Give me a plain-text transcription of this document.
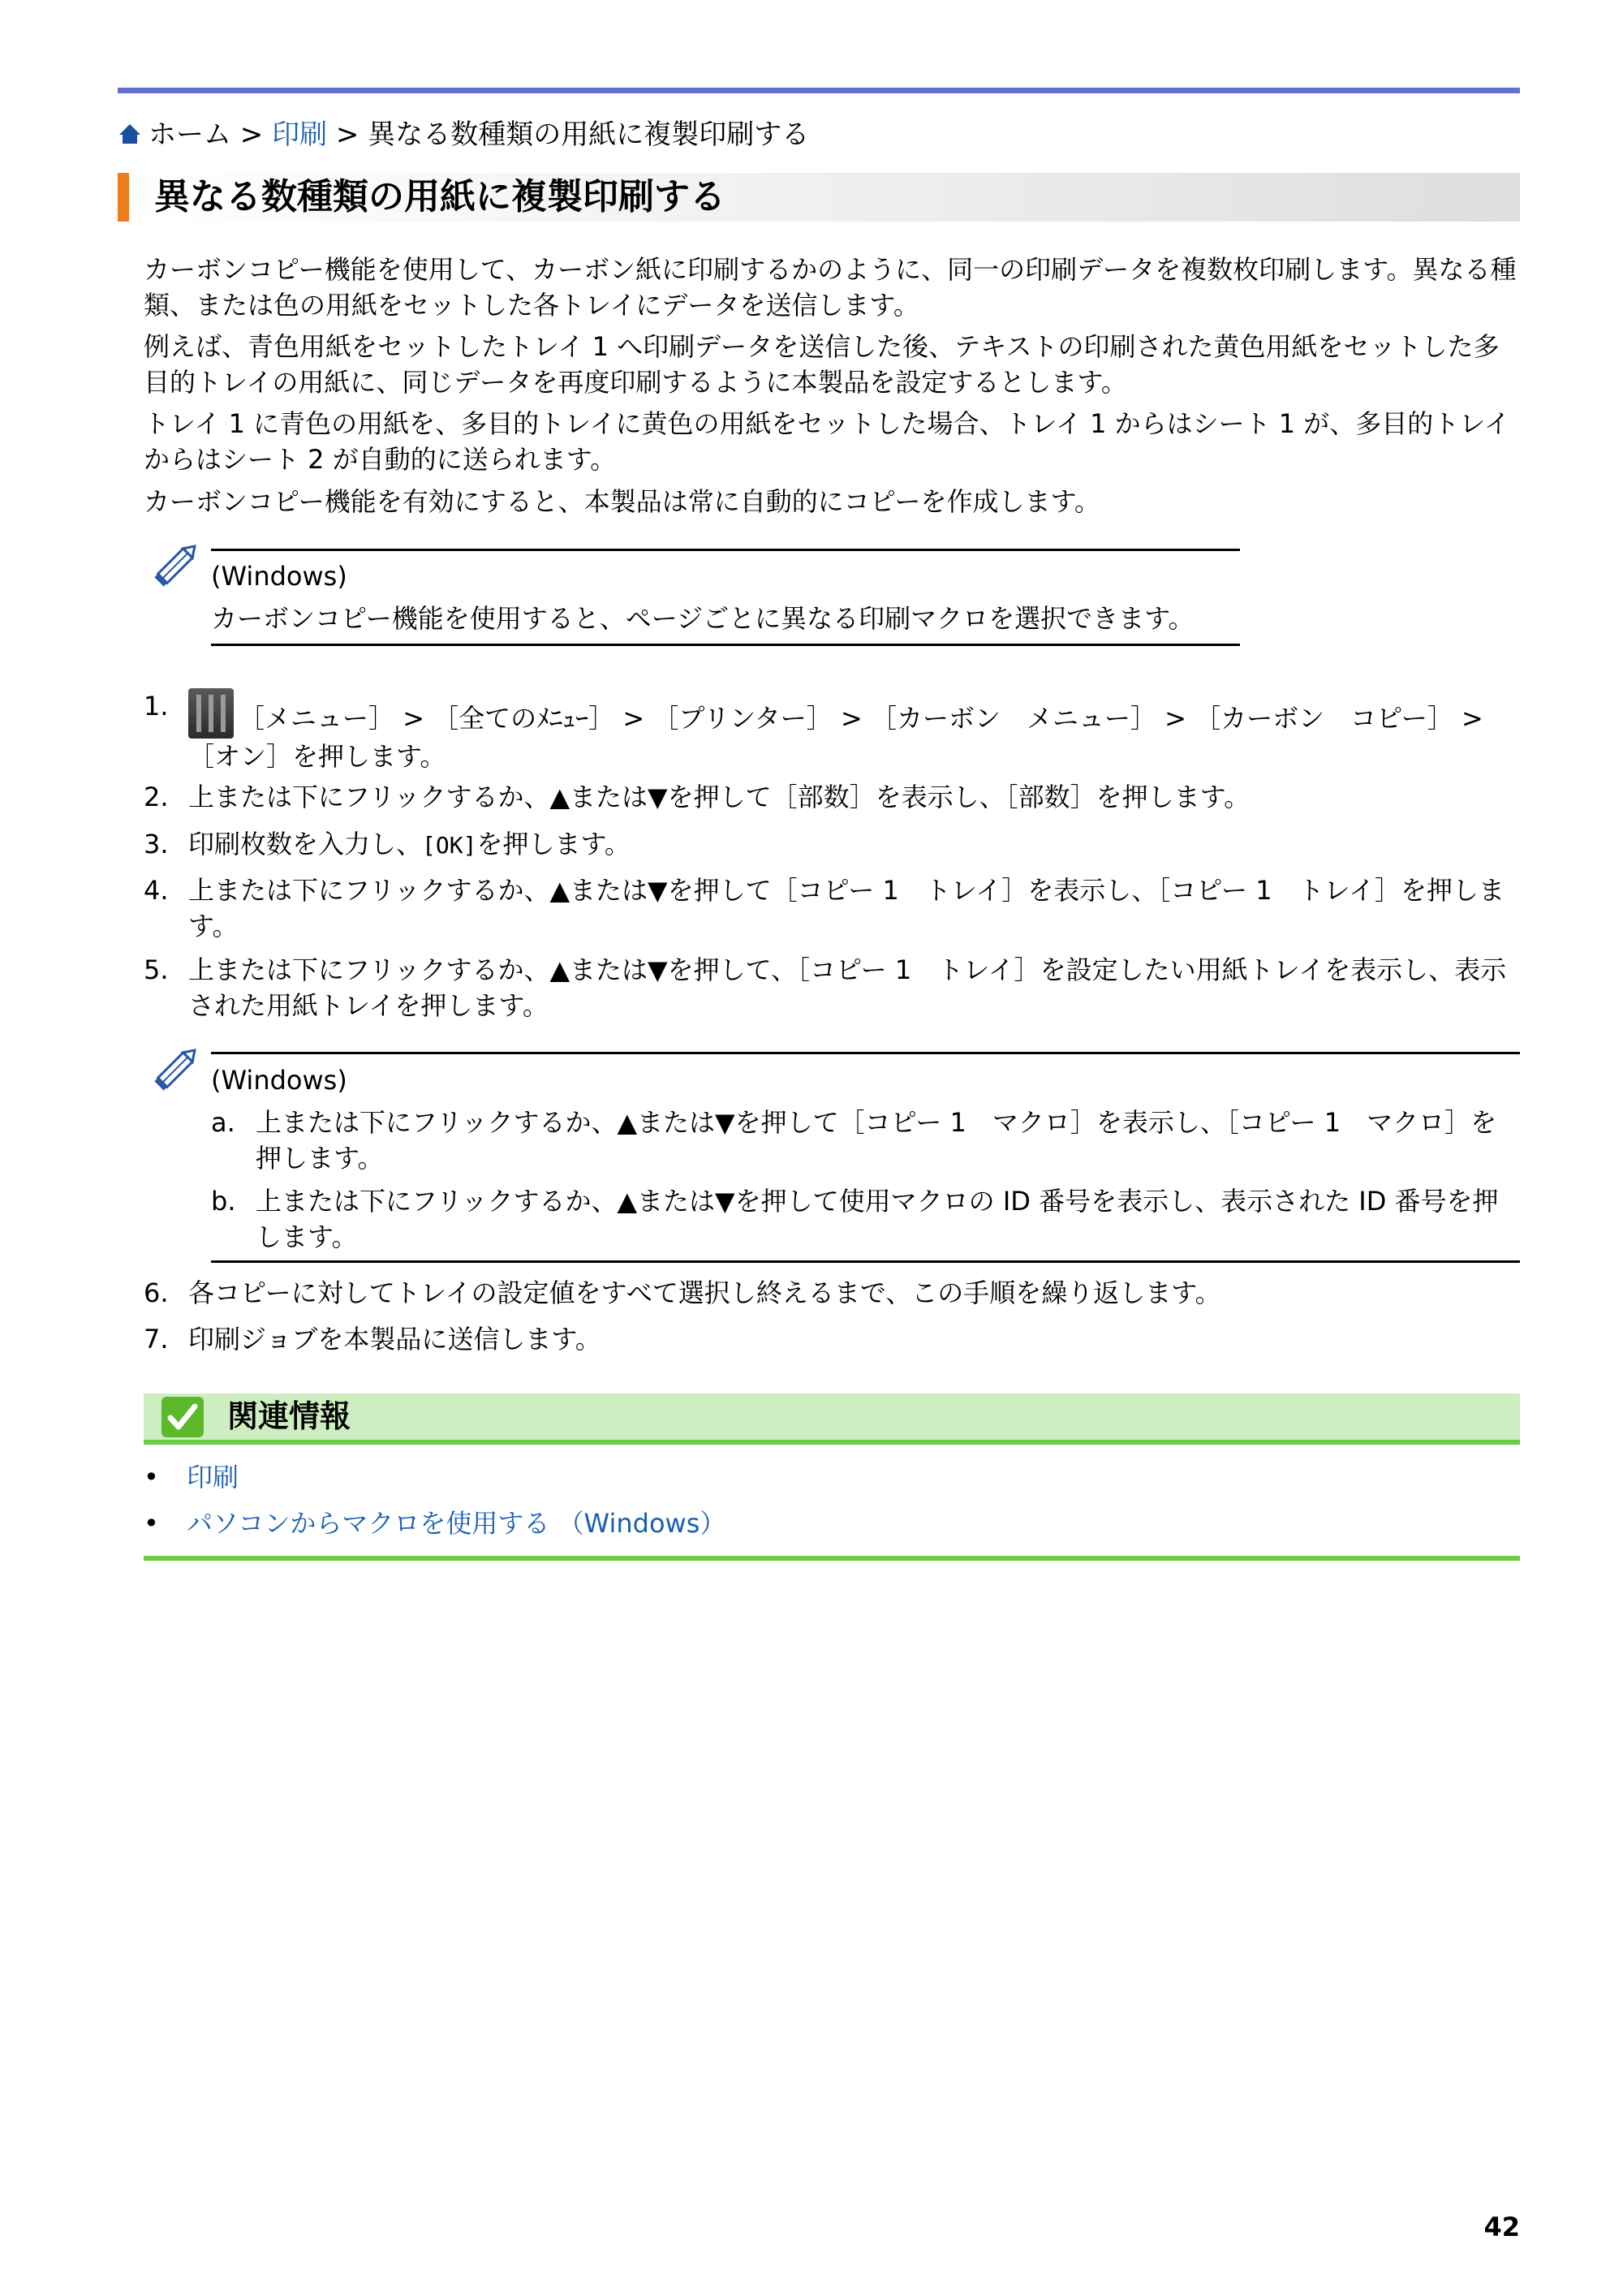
ホーム > 印刷 > 異なる数種類の用紙に複製印刷する
異なる数種類の用紙に複製印刷する

カーボンコピー機能を使用して、カーボン紙に印刷するかのように、同一の印刷データを複数枚印刷します。異なる種類、または色の用紙をセットした各トレイにデータを送信します。

例えば、青色用紙をセットしたトレイ 1 へ印刷データを送信した後、テキストの印刷された黄色用紙をセットした多目的トレイの用紙に、同じデータを再度印刷するように本製品を設定するとします。

トレイ 1 に青色の用紙を、多目的トレイに黄色の用紙をセットした場合、トレイ 1 からはシート 1 が、多目的トレイからはシート 2 が自動的に送られます。

カーボンコピー機能を有効にすると、本製品は常に自動的にコピーを作成します。

(Windows)
カーボンコピー機能を使用すると、ページごとに異なる印刷マクロを選択できます。
1.	［メニュー］ > ［全てのﾒﾆｭｰ］ > ［プリンター］ > ［カーボン　メニュー］ > ［カーボン　コピー］ > ［オン］を押します。
2. 上または下にフリックするか、▲または▼を押して［部数］を表示し、［部数］を押します。
3. 印刷枚数を入力し、[OK]を押します。
4. 上または下にフリックするか、▲または▼を押して［コピー 1　トレイ］を表示し、［コピー 1　トレイ］を押します。
5. 上または下にフリックするか、▲または▼を押して、［コピー 1　トレイ］を設定したい用紙トレイを表示し、表示された用紙トレイを押します。
(Windows)
a. 上または下にフリックするか、▲または▼を押して［コピー 1　マクロ］を表示し、［コピー 1　マクロ］を押します。
b. 上または下にフリックするか、▲または▼を押して使用マクロの ID 番号を表示し、表示された ID 番号を押します。
6. 各コピーに対してトレイの設定値をすべて選択し終えるまで、この手順を繰り返します。
7. 印刷ジョブを本製品に送信します。
関連情報
• 印刷
• パソコンからマクロを使用する （Windows）
42
